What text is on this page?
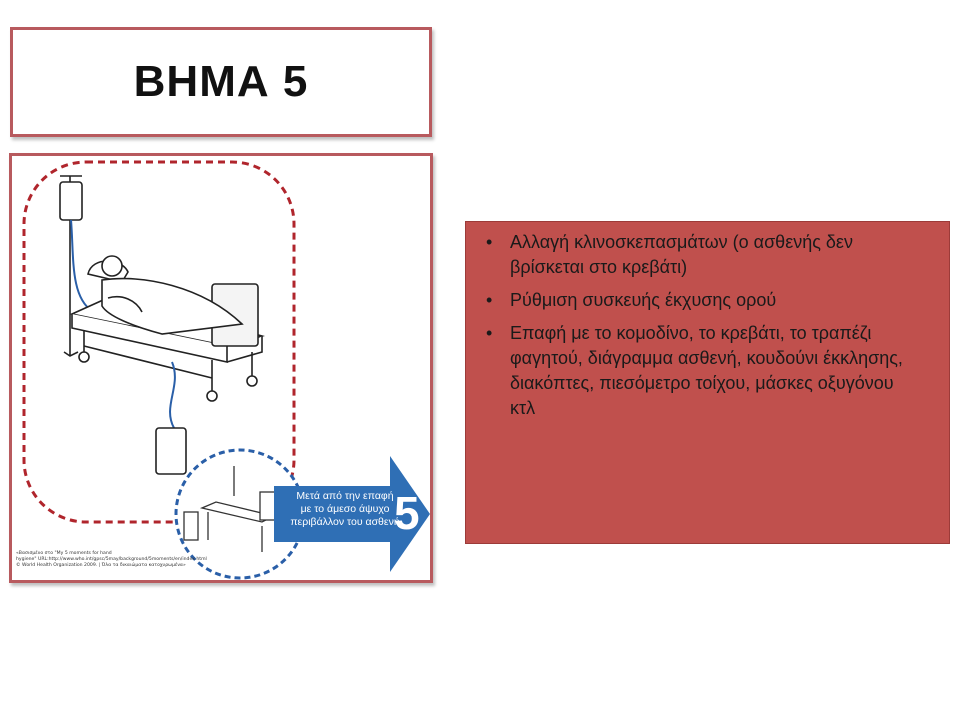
ΒΗΜΑ 5
Μετά από την επαφή
με το άμεσο άψυχο
περιβάλλον του ασθενή
5
«Βασισμένο στο "My 5 moments for hand
hygiene" URL:http://www.who.int/gpsc/5may/background/5moments/en/index.html
© World Health Organization 2009. | Όλα τα δικαιώματα κατοχυρωμένα»
• Αλλαγή κλινοσκεπασμάτων (ο ασθενής δεν βρίσκεται στο κρεβάτι)
• Ρύθμιση συσκευής έκχυσης ορού
• Επαφή με το κομοδίνο, το κρεβάτι, το τραπέζι φαγητού, διάγραμμα ασθενή, κουδούνι έκκλησης, διακόπτες, πιεσόμετρο τοίχου, μάσκες οξυγόνου κτλ
